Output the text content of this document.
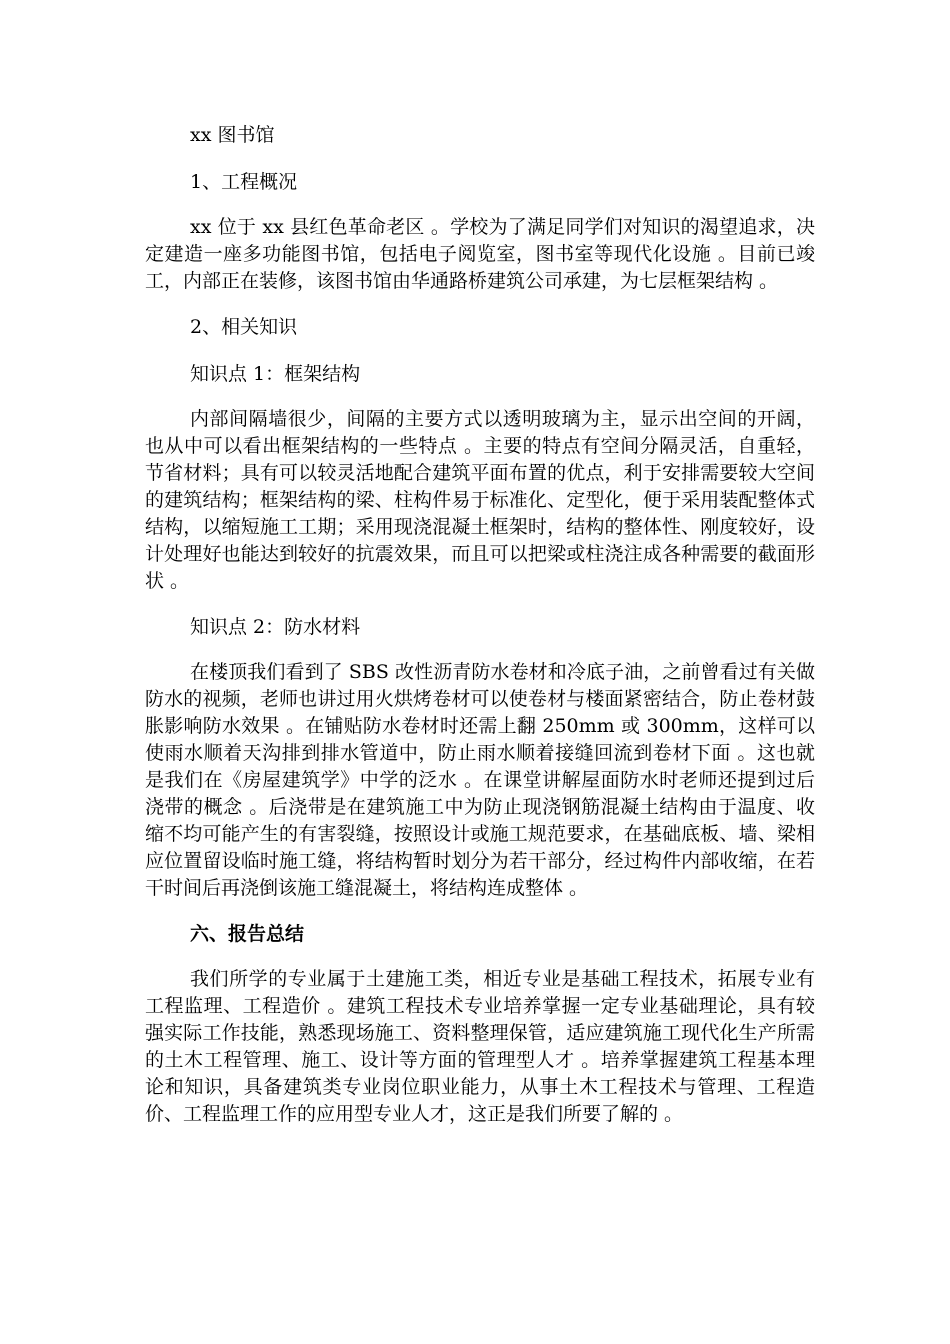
xx 图书馆

1、工程概况

xx 位于 xx 县红色革命老区 。学校为了满足同学们对知识的渴望追求，决定建造一座多功能图书馆，包括电子阅览室，图书室等现代化设施 。目前已竣工，内部正在装修，该图书馆由华通路桥建筑公司承建，为七层框架结构 。

2、相关知识

知识点 1：框架结构

内部间隔墙很少，间隔的主要方式以透明玻璃为主，显示出空间的开阔，也从中可以看出框架结构的一些特点 。主要的特点有空间分隔灵活，自重轻，节省材料；具有可以较灵活地配合建筑平面布置的优点，利于安排需要较大空间的建筑结构；框架结构的梁、柱构件易于标准化、定型化，便于采用装配整体式结构，以缩短施工工期；采用现浇混凝土框架时，结构的整体性、刚度较好，设计处理好也能达到较好的抗震效果，而且可以把梁或柱浇注成各种需要的截面形状 。

知识点 2：防水材料

在楼顶我们看到了 SBS 改性沥青防水卷材和冷底子油，之前曾看过有关做防水的视频，老师也讲过用火烘烤卷材可以使卷材与楼面紧密结合，防止卷材鼓胀影响防水效果 。在铺贴防水卷材时还需上翻 250mm 或 300mm，这样可以使雨水顺着天沟排到排水管道中，防止雨水顺着接缝回流到卷材下面 。这也就是我们在《房屋建筑学》中学的泛水 。在课堂讲解屋面防水时老师还提到过后浇带的概念 。后浇带是在建筑施工中为防止现浇钢筋混凝土结构由于温度、收缩不均可能产生的有害裂缝，按照设计或施工规范要求，在基础底板、墙、梁相应位置留设临时施工缝，将结构暂时划分为若干部分，经过构件内部收缩，在若干时间后再浇倒该施工缝混凝土，将结构连成整体 。

六、报告总结

我们所学的专业属于土建施工类，相近专业是基础工程技术，拓展专业有工程监理、工程造价 。建筑工程技术专业培养掌握一定专业基础理论，具有较强实际工作技能，熟悉现场施工、资料整理保管，适应建筑施工现代化生产所需的土木工程管理、施工、设计等方面的管理型人才 。培养掌握建筑工程基本理论和知识，具备建筑类专业岗位职业能力，从事土木工程技术与管理、工程造价、工程监理工作的应用型专业人才，这正是我们所要了解的 。
